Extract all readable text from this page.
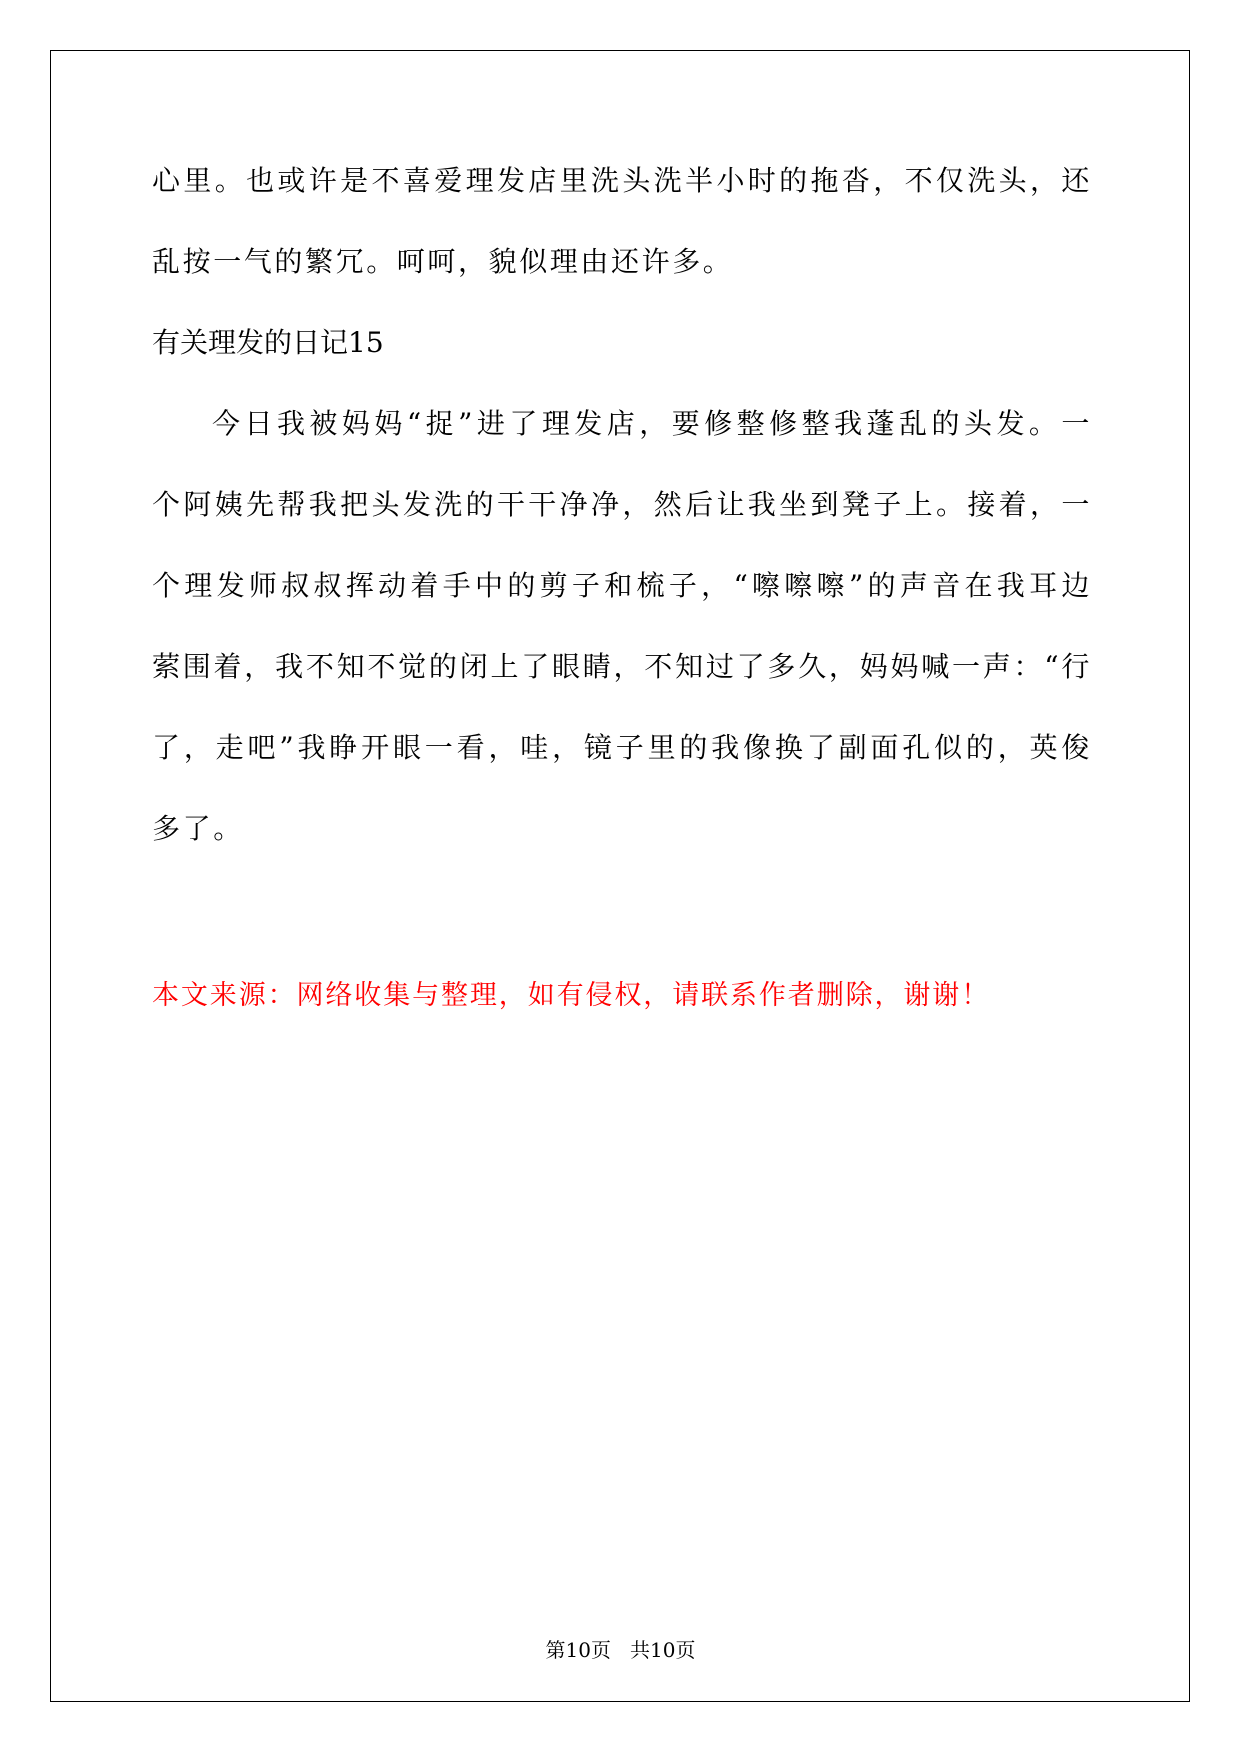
心里。也或许是不喜爱理发店里洗头洗半小时的拖沓，不仅洗头，还
乱按一气的繁冗。呵呵，貌似理由还许多。
有关理发的日记15
今日我被妈妈“捉”进了理发店，要修整修整我蓬乱的头发。一
个阿姨先帮我把头发洗的干干净净，然后让我坐到凳子上。接着，一
个理发师叔叔挥动着手中的剪子和梳子，“嚓嚓嚓”的声音在我耳边
萦围着，我不知不觉的闭上了眼睛，不知过了多久，妈妈喊一声：“行
了，走吧”我睁开眼一看，哇，镜子里的我像换了副面孔似的，英俊
多了。
本文来源：网络收集与整理，如有侵权，请联系作者删除，谢谢！
第10页   共10页
